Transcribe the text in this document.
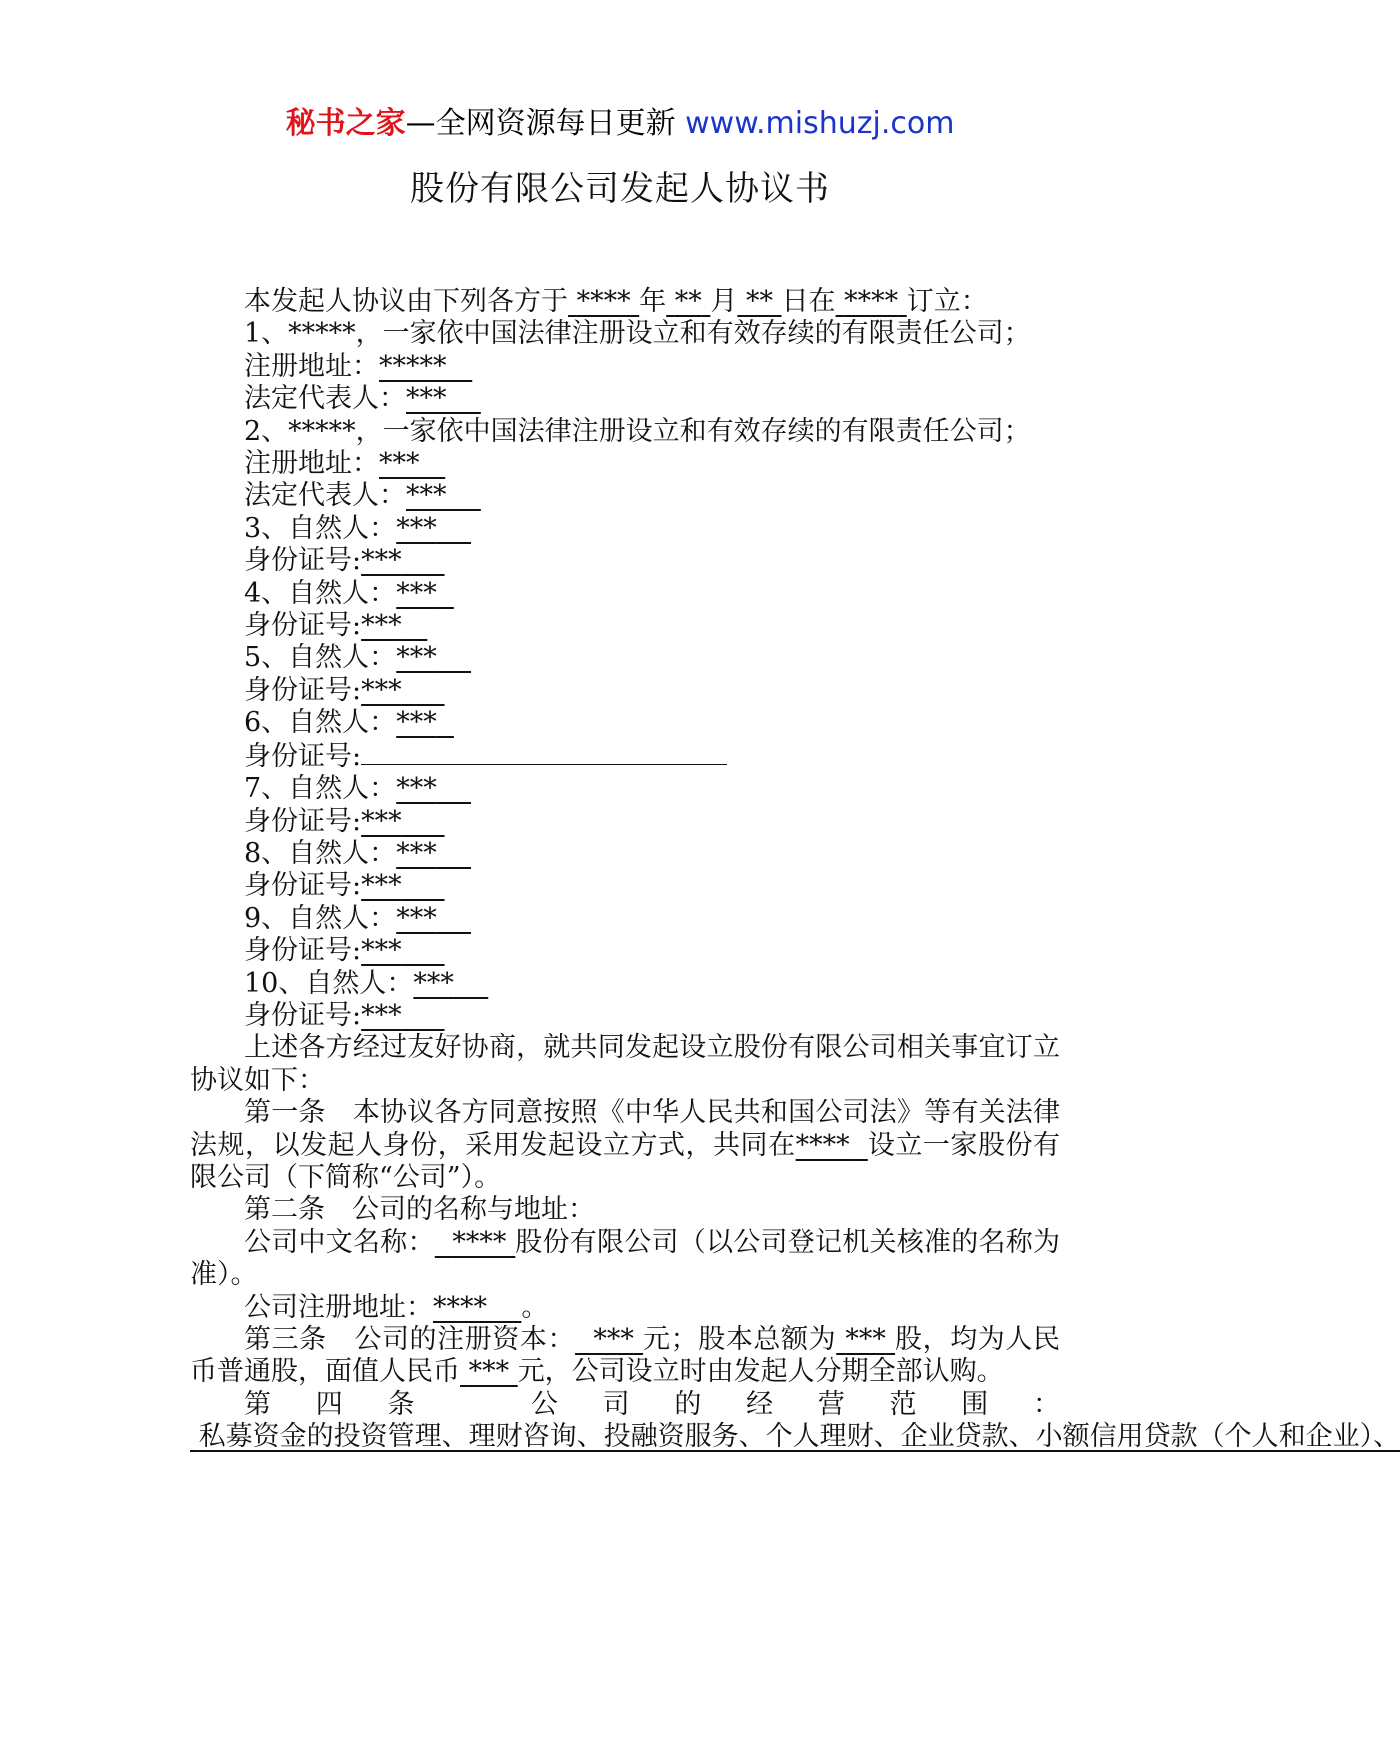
秘书之家—全网资源每日更新 www.mishuzj.com
股份有限公司发起人协议书

本发起人协议由下列各方于 **** 年 ** 月 ** 日在 **** 订立：

1、*****，一家依中国法律注册设立和有效存续的有限责任公司；

注册地址：*****

法定代表人：***

2、*****，一家依中国法律注册设立和有效存续的有限责任公司；

注册地址：***

法定代表人：***

3、自然人：***

身份证号:***

4、自然人：***

身份证号:***

5、自然人：***

身份证号:***

6、自然人：***

身份证号:

7、自然人：***

身份证号:***

8、自然人：***

身份证号:***

9、自然人：***

身份证号:***

10、自然人：***

身份证号:***

上述各方经过友好协商，就共同发起设立股份有限公司相关事宜订立协议如下：

第一条　本协议各方同意按照《中华人民共和国公司法》等有关法律法规，以发起人身份，采用发起设立方式，共同在**** 设立一家股份有限公司（下简称“公司”）。

第二条　公司的名称与地址：

公司中文名称： **** 股份有限公司（以公司登记机关核准的名称为准）。

公司注册地址：**** 。

第三条　公司的注册资本： *** 元；股本总额为 *** 股，均为人民币普通股，面值人民币 *** 元，公司设立时由发起人分期全部认购。

第四条　公司的经营范围： 私募资金的投资管理、理财咨询、投融资服务、个人理财、企业贷款、小额信用贷款（个人和企业）、
